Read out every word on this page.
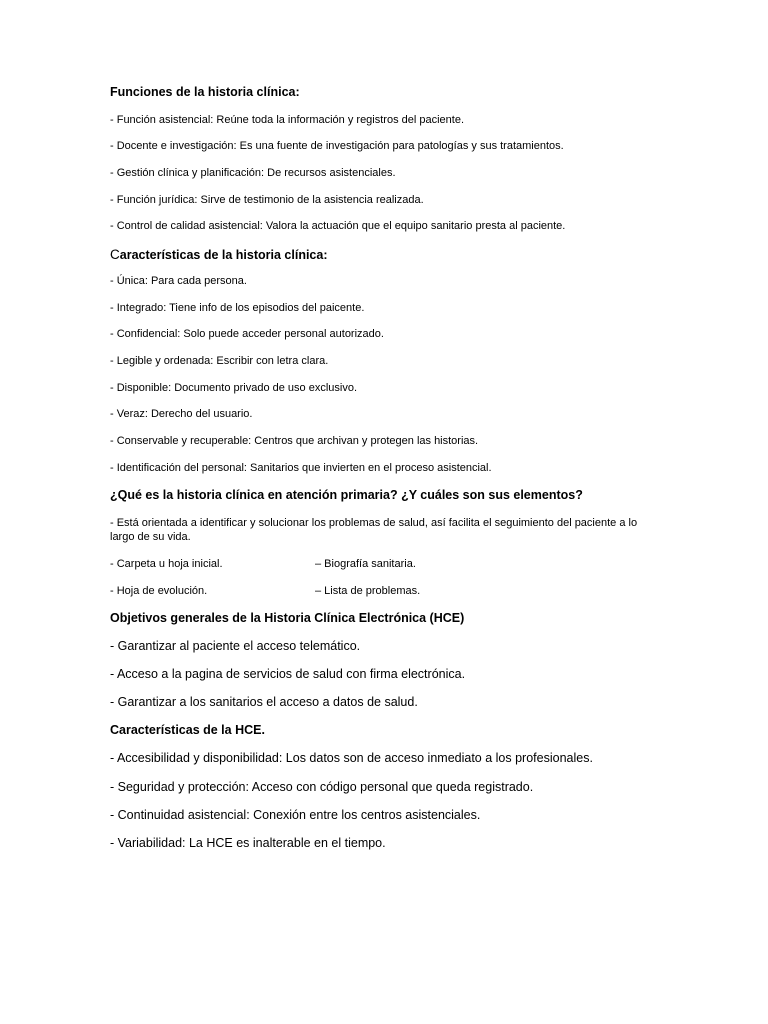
Funciones de la historia clínica:
- Función asistencial: Reúne toda la información y registros del paciente.
- Docente e investigación: Es una fuente de investigación para patologías y sus tratamientos.
- Gestión clínica y planificación: De recursos asistenciales.
- Función jurídica: Sirve de testimonio de la asistencia realizada.
- Control de calidad asistencial: Valora la actuación que el equipo sanitario presta al paciente.
Características de la historia clínica:
- Única: Para cada persona.
- Integrado: Tiene info de los episodios del paicente.
- Confidencial: Solo puede acceder personal autorizado.
- Legible y ordenada: Escribir con letra clara.
- Disponible: Documento privado de uso exclusivo.
- Veraz: Derecho del usuario.
- Conservable y recuperable: Centros que archivan y protegen las historias.
- Identificación del personal: Sanitarios que invierten en el proceso asistencial.
¿Qué es la historia clínica en atención primaria? ¿Y cuáles son sus elementos?
- Está orientada a identificar y solucionar los problemas de salud, así facilita el seguimiento del paciente a lo largo de su vida.
- Carpeta u hoja inicial.	– Biografía sanitaria.
- Hoja de evolución.	– Lista de problemas.
Objetivos generales de la Historia Clínica Electrónica (HCE)
- Garantizar al paciente el acceso telemático.
- Acceso a la pagina de servicios de salud con firma electrónica.
- Garantizar a los sanitarios el acceso a datos de salud.
Características de la HCE.
- Accesibilidad y disponibilidad: Los datos son de acceso inmediato a los profesionales.
- Seguridad y protección: Acceso con código personal que queda registrado.
- Continuidad asistencial: Conexión entre los centros asistenciales.
- Variabilidad: La HCE es inalterable en el tiempo.
